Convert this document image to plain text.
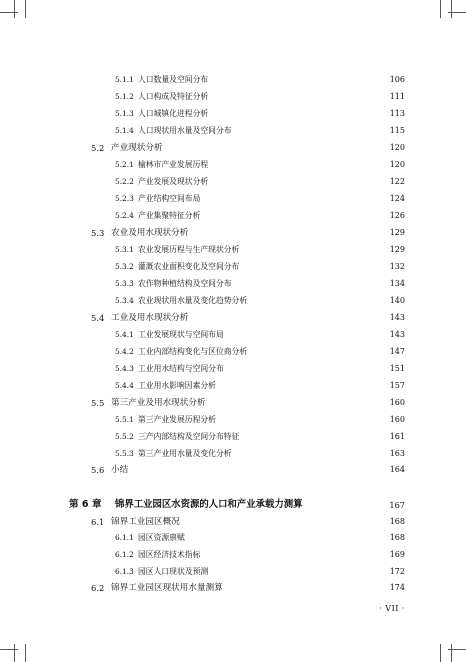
5.1.1 人口数量及空间分布	106
5.1.2 人口构成及特征分析	111
5.1.3 人口城镇化进程分析	113
5.1.4 人口现状用水量及空间分布	115
5.2 产业现状分析	120
5.2.1 榆林市产业发展历程	120
5.2.2 产业发展及现状分析	122
5.2.3 产业结构空间布局	124
5.2.4 产业集聚特征分析	126
5.3 农业及用水现状分析	129
5.3.1 农业发展历程与生产现状分析	129
5.3.2 灌溉农业面积变化及空间分布	132
5.3.3 农作物种植结构及空间分布	134
5.3.4 农业现状用水量及变化趋势分析	140
5.4 工业及用水现状分析	143
5.4.1 工业发展现状与空间布局	143
5.4.2 工业内部结构变化与区位商分析	147
5.4.3 工业用水结构与空间分布	151
5.4.4 工业用水影响因素分析	157
5.5 第三产业及用水现状分析	160
5.5.1 第三产业发展历程分析	160
5.5.2 三产内部结构及空间分布特征	161
5.5.3 第三产业用水量及变化分析	163
5.6 小结	164
第 6 章 锦界工业园区水资源的人口和产业承载力测算	167
6.1 锦界工业园区概况	168
6.1.1 园区资源禀赋	168
6.1.2 园区经济技术指标	169
6.1.3 园区人口现状及预测	172
6.2 锦界工业园区现状用水量测算	174
· VII ·
